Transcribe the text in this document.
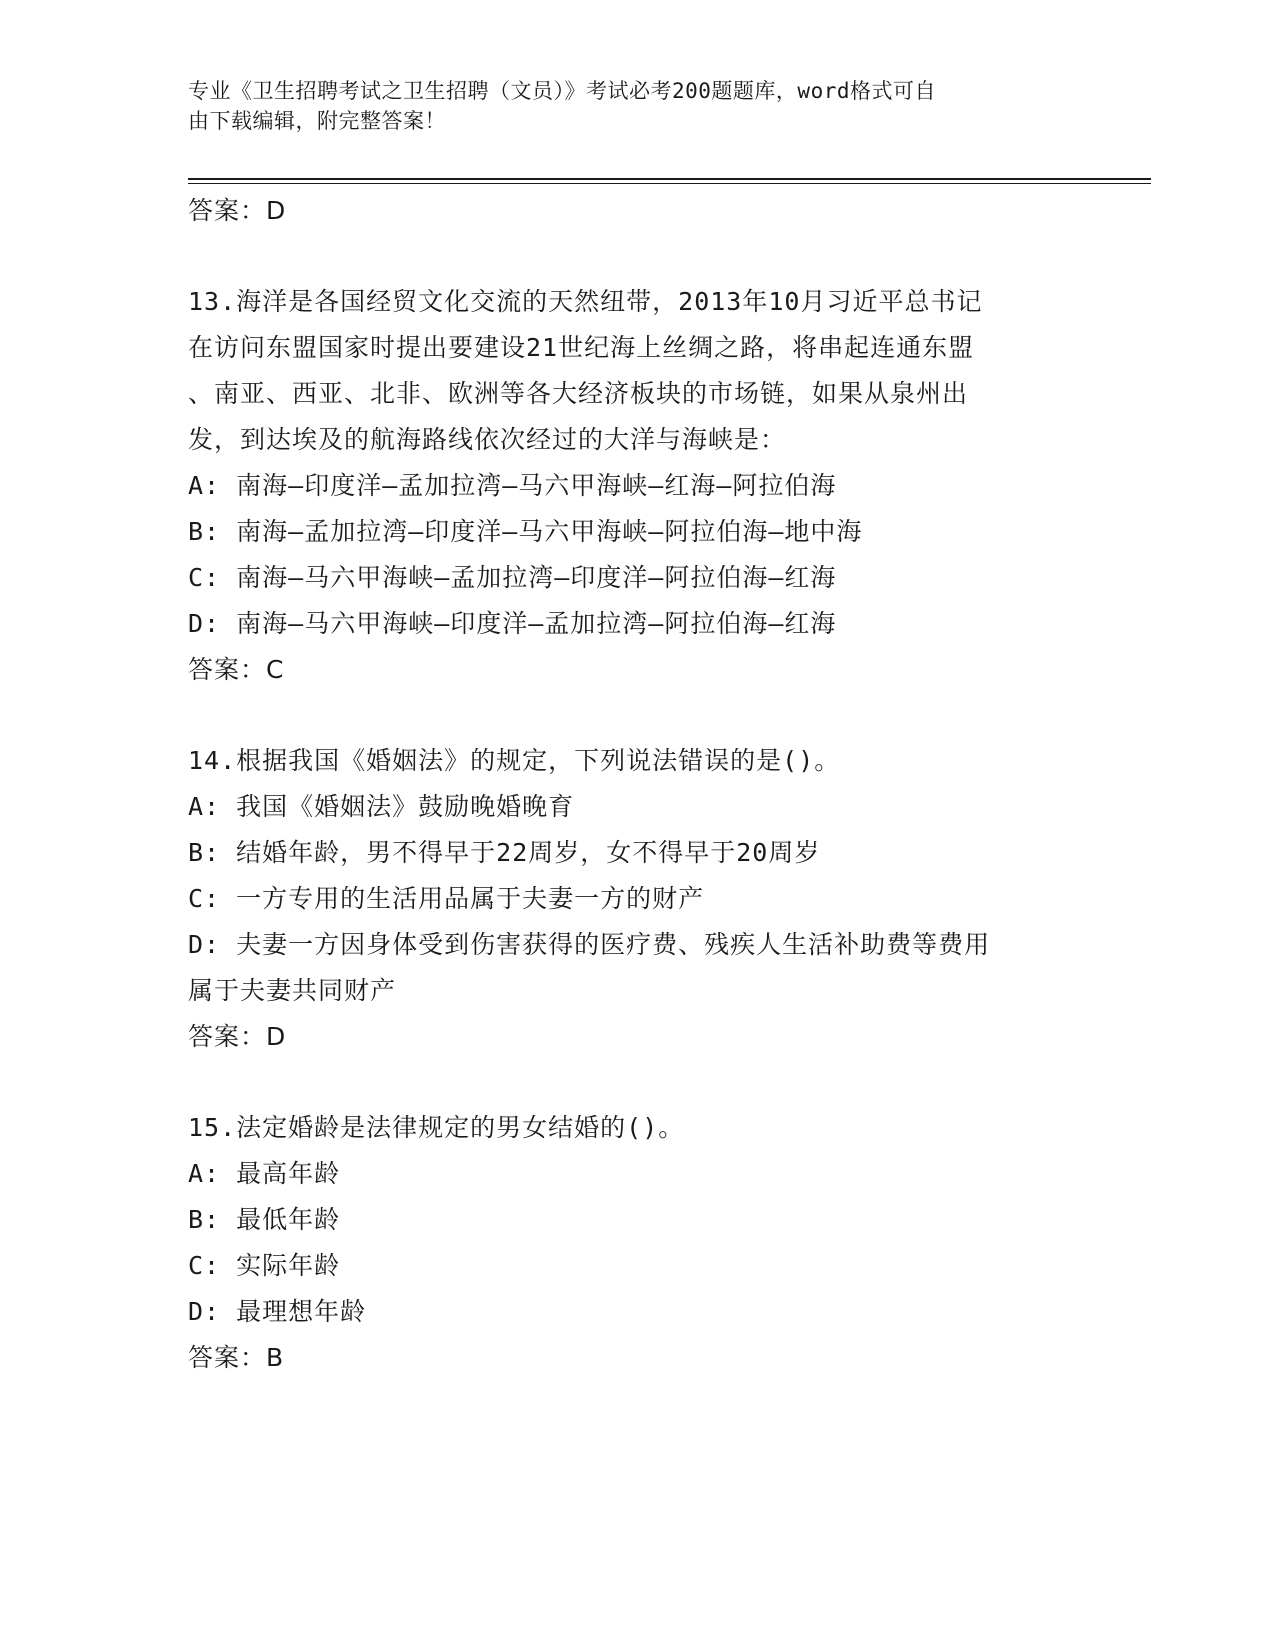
专业《卫生招聘考试之卫生招聘（文员）》考试必考200题题库，word格式可自
由下载编辑，附完整答案！
答案：D
13.海洋是各国经贸文化交流的天然纽带，2013年10月习近平总书记
在访问东盟国家时提出要建设21世纪海上丝绸之路，将串起连通东盟
、南亚、西亚、北非、欧洲等各大经济板块的市场链，如果从泉州出
发，到达埃及的航海路线依次经过的大洋与海峡是：
A: 南海—印度洋—孟加拉湾—马六甲海峡—红海—阿拉伯海
B: 南海—孟加拉湾—印度洋—马六甲海峡—阿拉伯海—地中海
C: 南海—马六甲海峡—孟加拉湾—印度洋—阿拉伯海—红海
D: 南海—马六甲海峡—印度洋—孟加拉湾—阿拉伯海—红海
答案：C
14.根据我国《婚姻法》的规定，下列说法错误的是()。
A: 我国《婚姻法》鼓励晚婚晚育
B: 结婚年龄，男不得早于22周岁，女不得早于20周岁
C: 一方专用的生活用品属于夫妻一方的财产
D: 夫妻一方因身体受到伤害获得的医疗费、残疾人生活补助费等费用
属于夫妻共同财产
答案：D
15.法定婚龄是法律规定的男女结婚的()。
A: 最高年龄
B: 最低年龄
C: 实际年龄
D: 最理想年龄
答案：B
